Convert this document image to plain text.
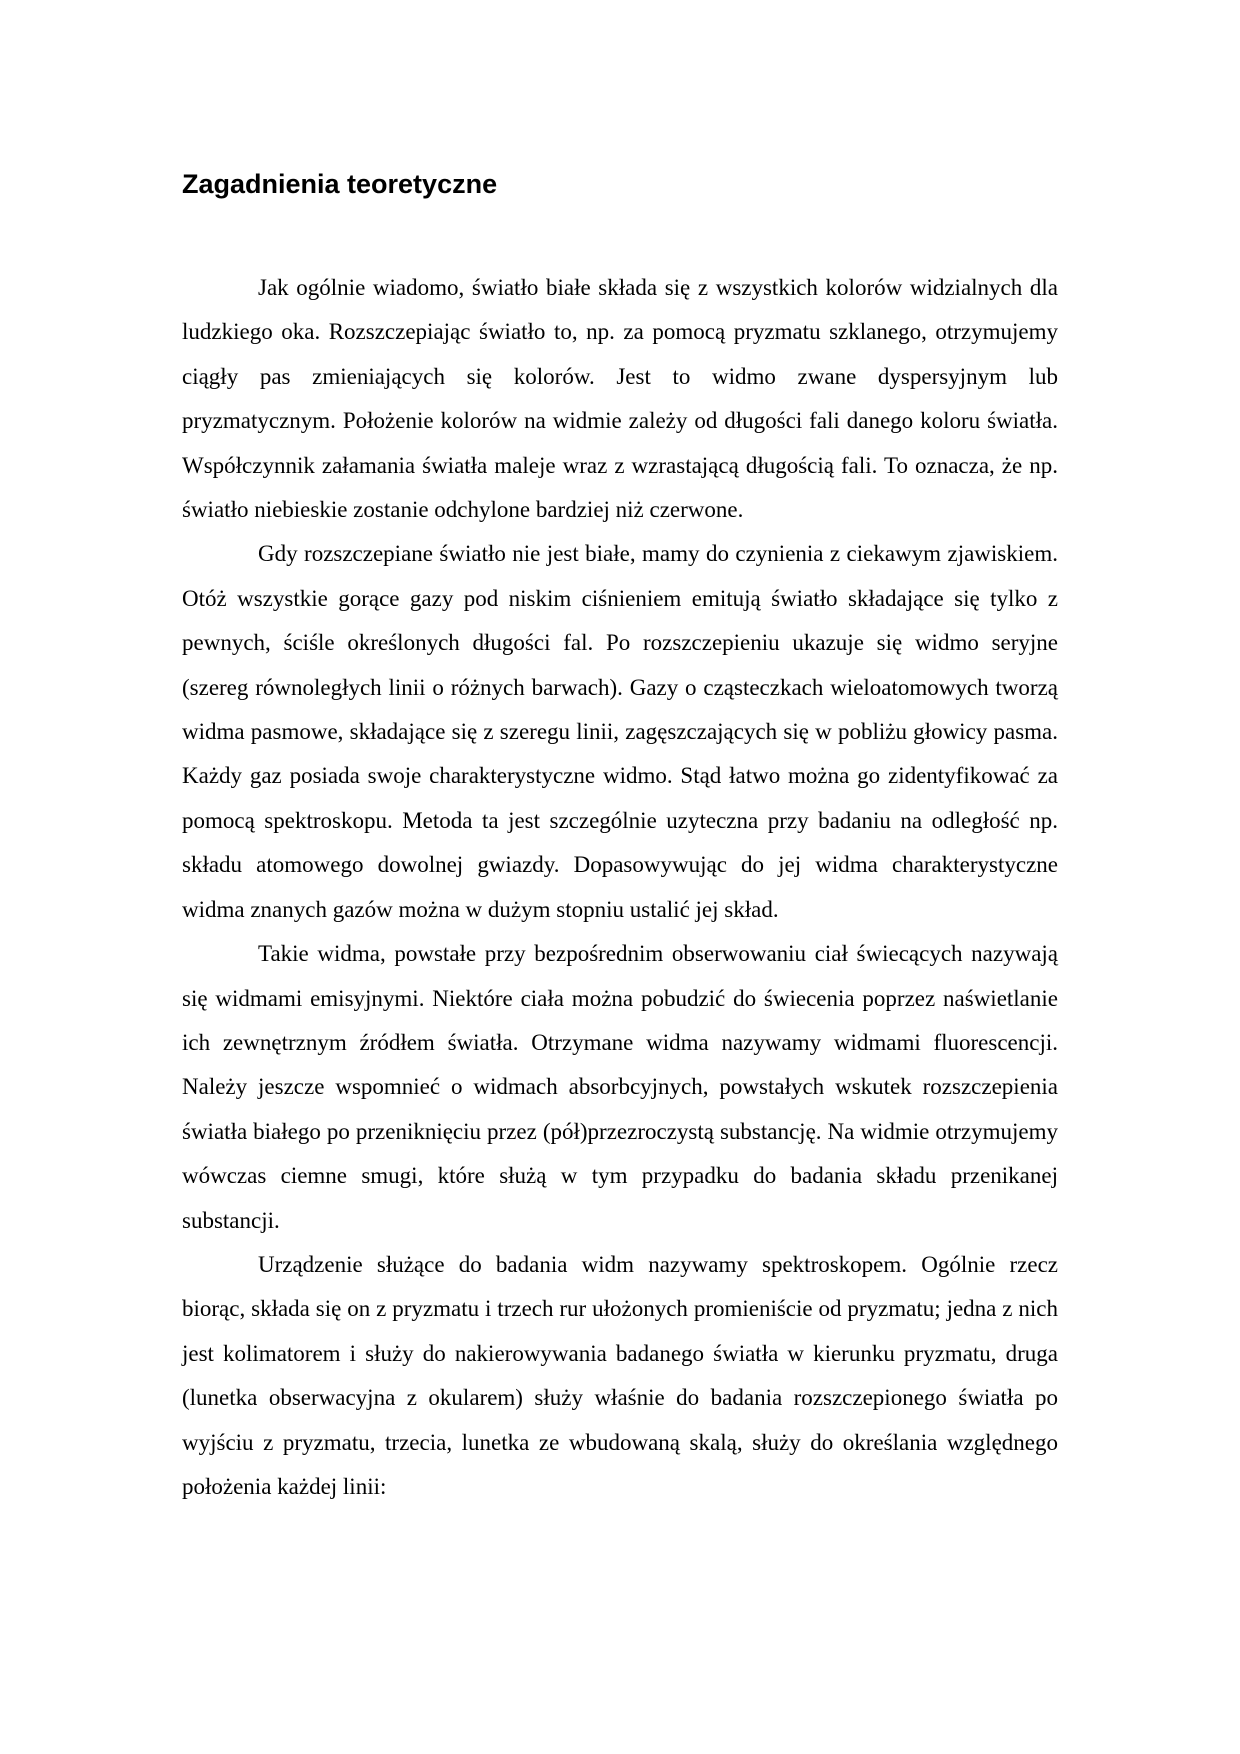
Zagadnienia teoretyczne

Jak ogólnie wiadomo, światło białe składa się z wszystkich kolorów widzialnych dla ludzkiego oka. Rozszczepiając światło to, np. za pomocą pryzmatu szklanego, otrzymujemy ciągły pas zmieniających się kolorów. Jest to widmo zwane dyspersyjnym lub pryzmatycznym. Położenie kolorów na widmie zależy od długości fali danego koloru światła. Współczynnik załamania światła maleje wraz z wzrastającą długością fali. To oznacza, że np. światło niebieskie zostanie odchylone bardziej niż czerwone.

Gdy rozszczepiane światło nie jest białe, mamy do czynienia z ciekawym zjawiskiem. Otóż wszystkie gorące gazy pod niskim ciśnieniem emitują światło składające się tylko z pewnych, ściśle określonych długości fal. Po rozszczepieniu ukazuje się widmo seryjne (szereg równoległych linii o różnych barwach). Gazy o cząsteczkach wieloatomowych tworzą widma pasmowe, składające się z szeregu linii, zagęszczających się w pobliżu głowicy pasma. Każdy gaz posiada swoje charakterystyczne widmo. Stąd łatwo można go zidentyfikować za pomocą spektroskopu. Metoda ta jest szczególnie uzyteczna przy badaniu na odległość np. składu atomowego dowolnej gwiazdy. Dopasowywując do jej widma charakterystyczne widma znanych gazów można w dużym stopniu ustalić jej skład.

Takie widma, powstałe przy bezpośrednim obserwowaniu ciał świecących nazywają się widmami emisyjnymi. Niektóre ciała można pobudzić do świecenia poprzez naświetlanie ich zewnętrznym źródłem światła. Otrzymane widma nazywamy widmami fluorescencji. Należy jeszcze wspomnieć o widmach absorbcyjnych, powstałych wskutek rozszczepienia światła białego po przeniknięciu przez (pół)przezroczystą substancję. Na widmie otrzymujemy wówczas ciemne smugi, które służą w tym przypadku do badania składu przenikanej substancji.

Urządzenie służące do badania widm nazywamy spektroskopem. Ogólnie rzecz biorąc, składa się on z pryzmatu i trzech rur ułożonych promieniście od pryzmatu; jedna z nich jest kolimatorem i służy do nakierowywania badanego światła w kierunku pryzmatu, druga (lunetka obserwacyjna z okularem) służy właśnie do badania rozszczepionego światła po wyjściu z pryzmatu, trzecia, lunetka ze wbudowaną skalą, służy do określania względnego położenia każdej linii:
